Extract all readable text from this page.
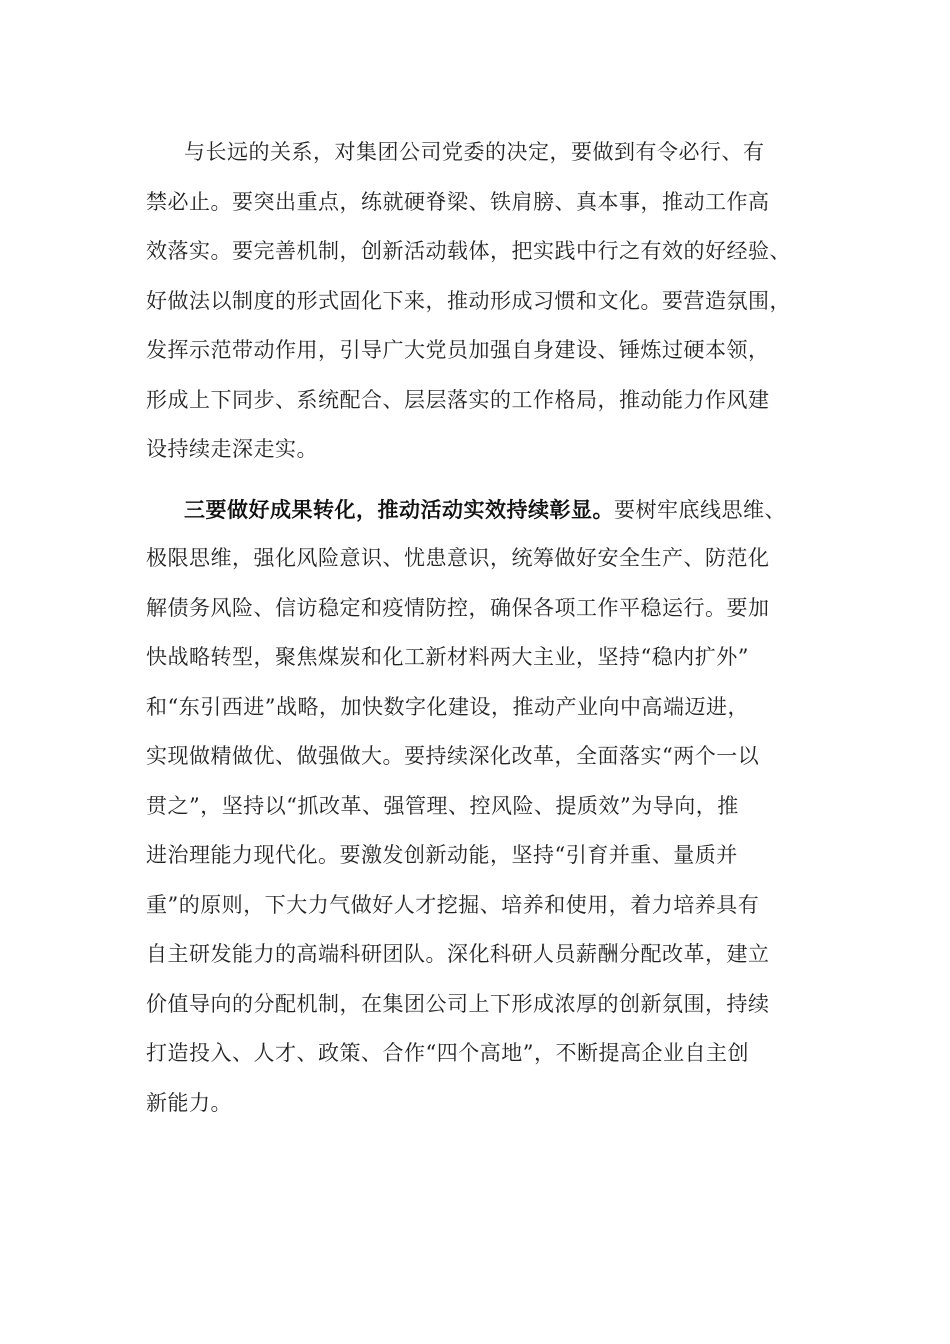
与长远的关系，对集团公司党委的决定，要做到有令必行、有
禁必止。要突出重点，练就硬脊梁、铁肩膀、真本事，推动工作高
效落实。要完善机制，创新活动载体，把实践中行之有效的好经验、
好做法以制度的形式固化下来，推动形成习惯和文化。要营造氛围，
发挥示范带动作用，引导广大党员加强自身建设、锤炼过硬本领，
形成上下同步、系统配合、层层落实的工作格局，推动能力作风建
设持续走深走实。
三要做好成果转化，推动活动实效持续彰显。要树牢底线思维、
极限思维，强化风险意识、忧患意识，统筹做好安全生产、防范化
解债务风险、信访稳定和疫情防控，确保各项工作平稳运行。要加
快战略转型，聚焦煤炭和化工新材料两大主业，坚持“稳内扩外”
和“东引西进”战略，加快数字化建设，推动产业向中高端迈进，
实现做精做优、做强做大。要持续深化改革，全面落实“两个一以
贯之”，坚持以“抓改革、强管理、控风险、提质效”为导向，推
进治理能力现代化。要激发创新动能，坚持“引育并重、量质并
重”的原则，下大力气做好人才挖掘、培养和使用，着力培养具有
自主研发能力的高端科研团队。深化科研人员薪酬分配改革，建立
价值导向的分配机制，在集团公司上下形成浓厚的创新氛围，持续
打造投入、人才、政策、合作“四个高地”，不断提高企业自主创
新能力。
